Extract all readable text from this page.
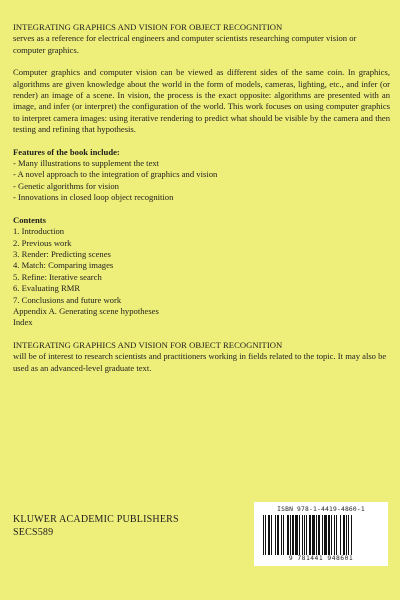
INTEGRATING GRAPHICS AND VISION FOR OBJECT RECOGNITION
serves as a reference for electrical engineers and computer scientists researching computer vision or computer graphics.

Computer graphics and computer vision can be viewed as different sides of the same coin. In graphics, algorithms are given knowledge about the world in the form of models, cameras, lighting, etc., and infer (or render) an image of a scene. In vision, the process is the exact opposite: algorithms are presented with an image, and infer (or interpret) the configuration of the world. This work focuses on using computer graphics to interpret camera images: using iterative rendering to predict what should be visible by the camera and then testing and refining that hypothesis.

Features of the book include:
- Many illustrations to supplement the text
- A novel approach to the integration of graphics and vision
- Genetic algorithms for vision
- Innovations in closed loop object recognition
Contents
1. Introduction
2. Previous work
3. Render: Predicting scenes
4. Match: Comparing images
5. Refine: Iterative search
6. Evaluating RMR
7. Conclusions and future work
Appendix A. Generating scene hypotheses
Index

INTEGRATING GRAPHICS AND VISION FOR OBJECT RECOGNITION
will be of interest to research scientists and practitioners working in fields related to the topic. It may also be used as an advanced-level graduate text.

KLUWER ACADEMIC PUBLISHERS
SECS589
ISBN 978-1-4419-4860-1
9 781441 948601
